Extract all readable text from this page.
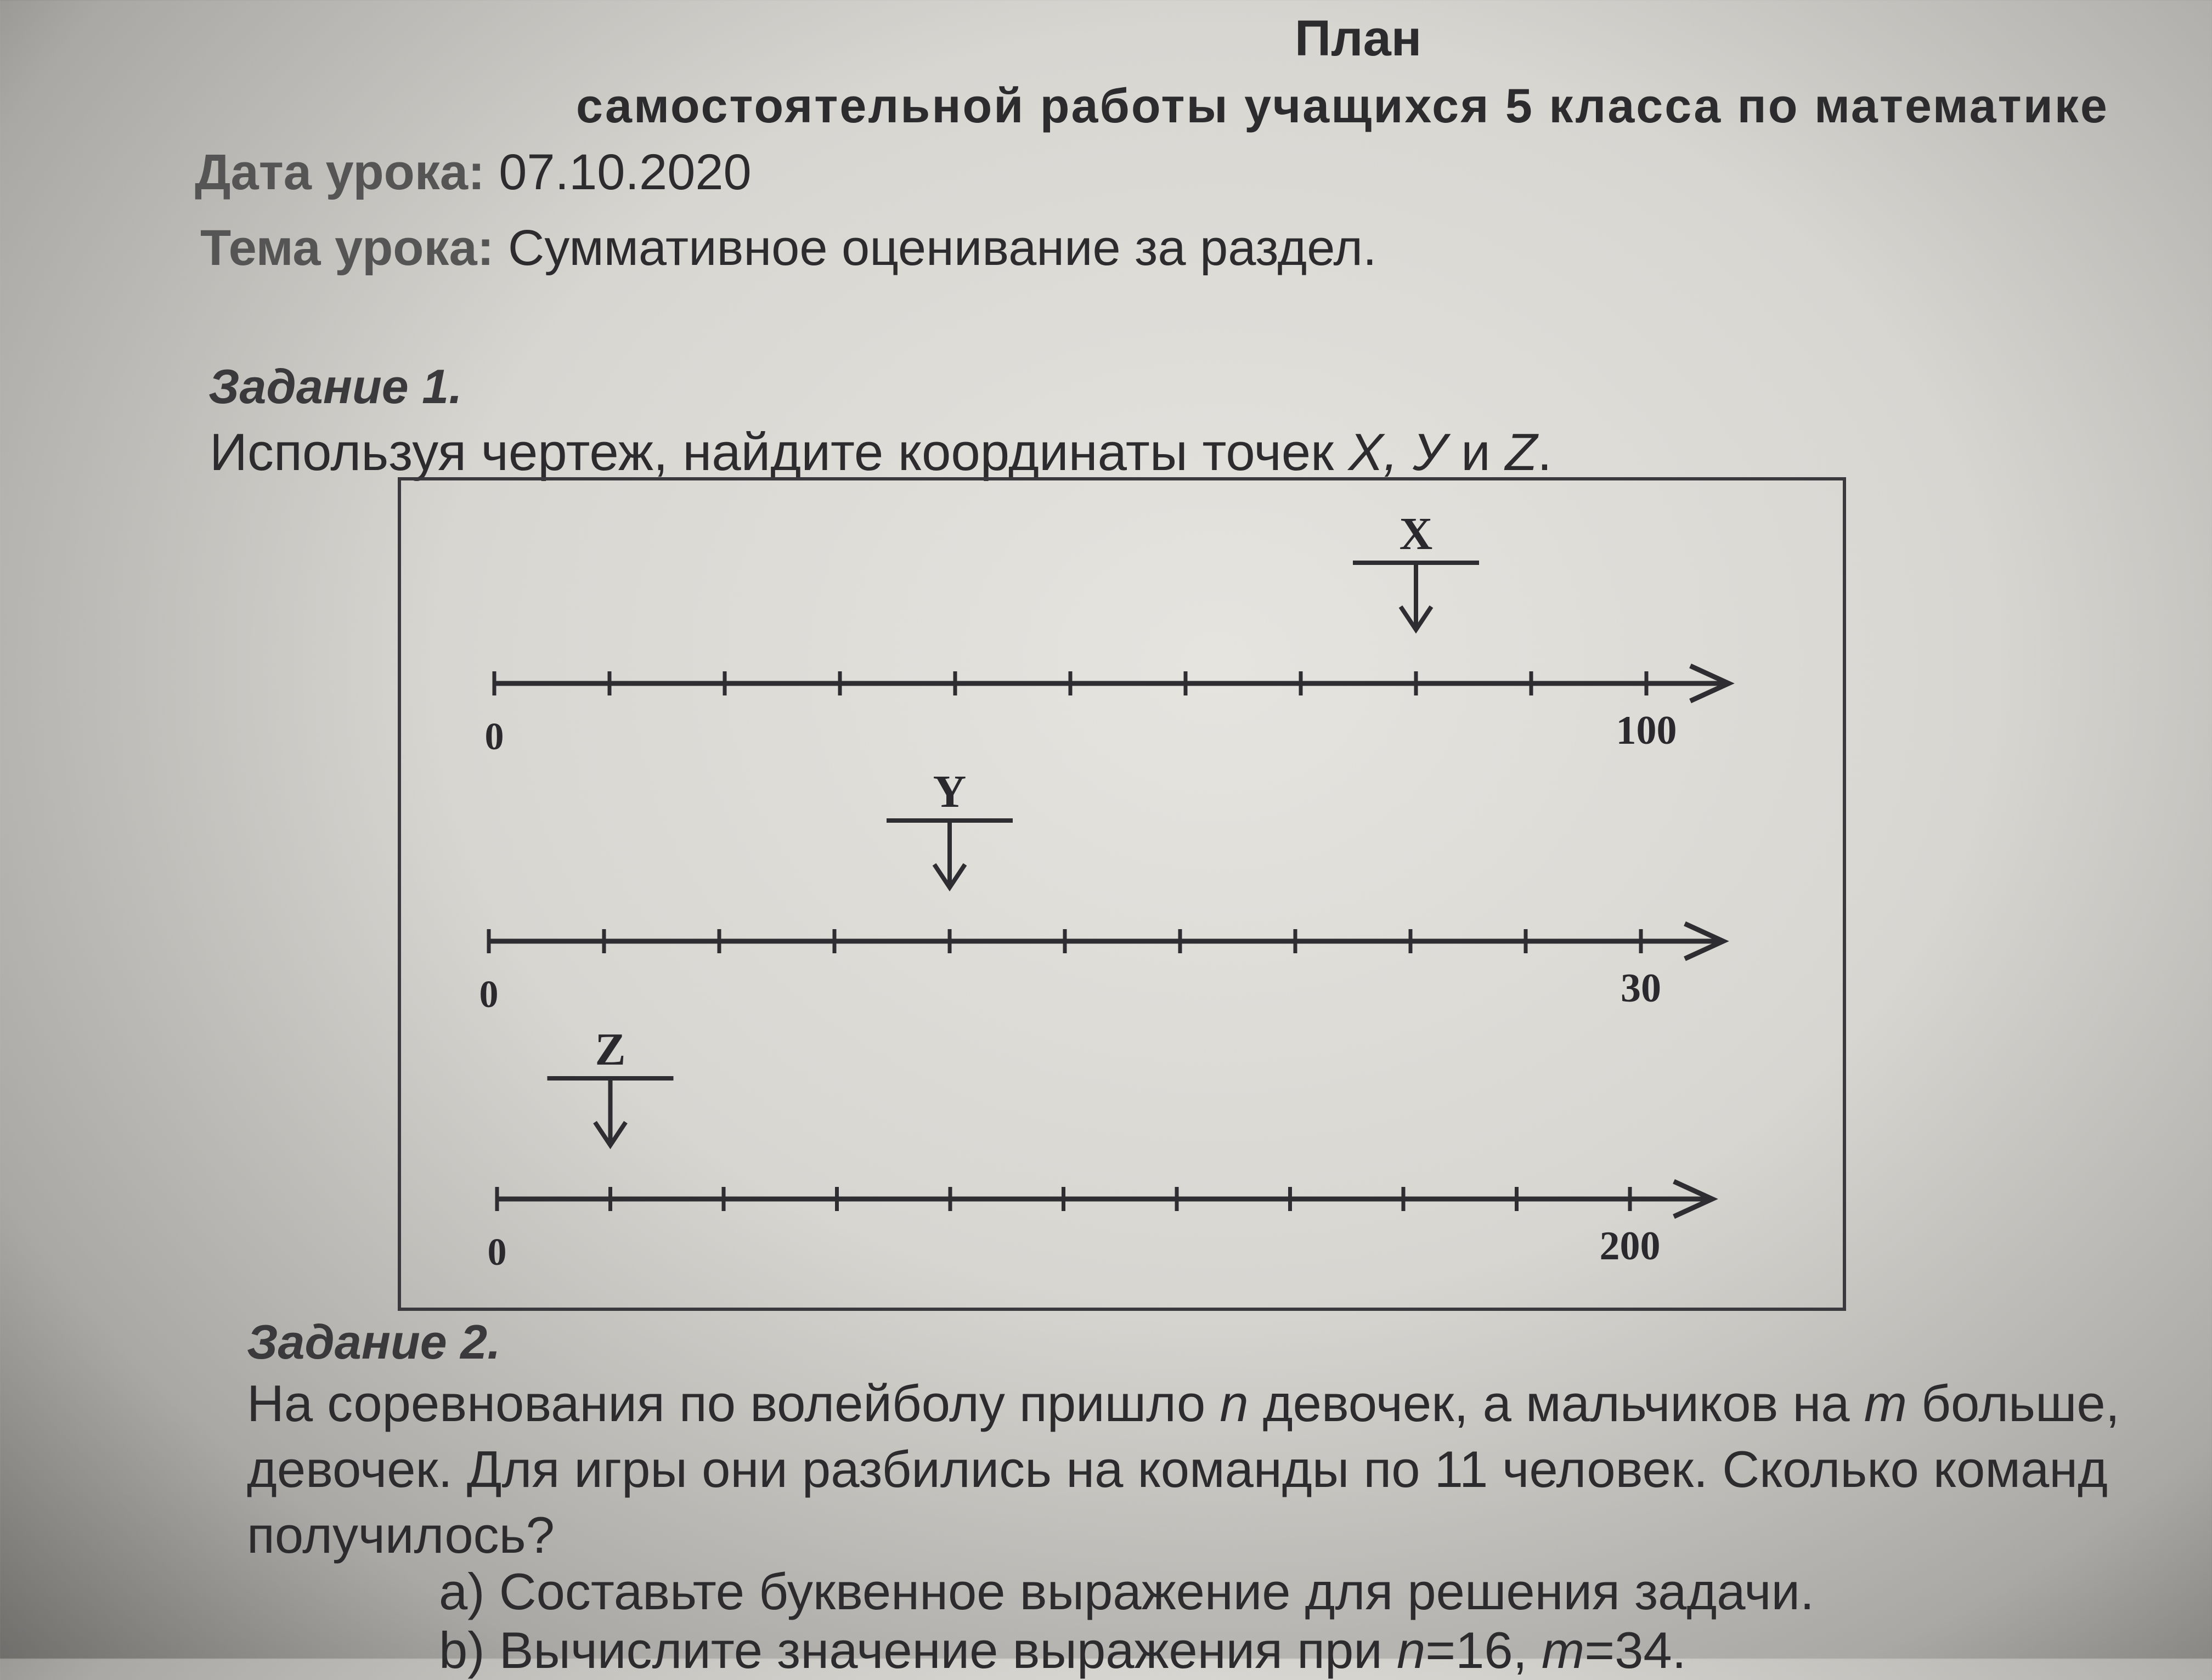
План
самостоятельной работы учащихся 5 класса по математике
Дата урока: 07.10.2020
Тема урока: Суммативное оценивание за раздел.
Задание 1.
Используя чертеж, найдите координаты точек X, У и Z.
0	100
X
0	30
Y
0	200
Z
Задание 2.
На соревнования по волейболу пришло n девочек, а мальчиков на m больше,
девочек. Для игры они разбились на команды по 11 человек. Сколько команд
получилось?
а) Составьте буквенное выражение для решения задачи.
b) Вычислите значение выражения при n=16, m=34.
